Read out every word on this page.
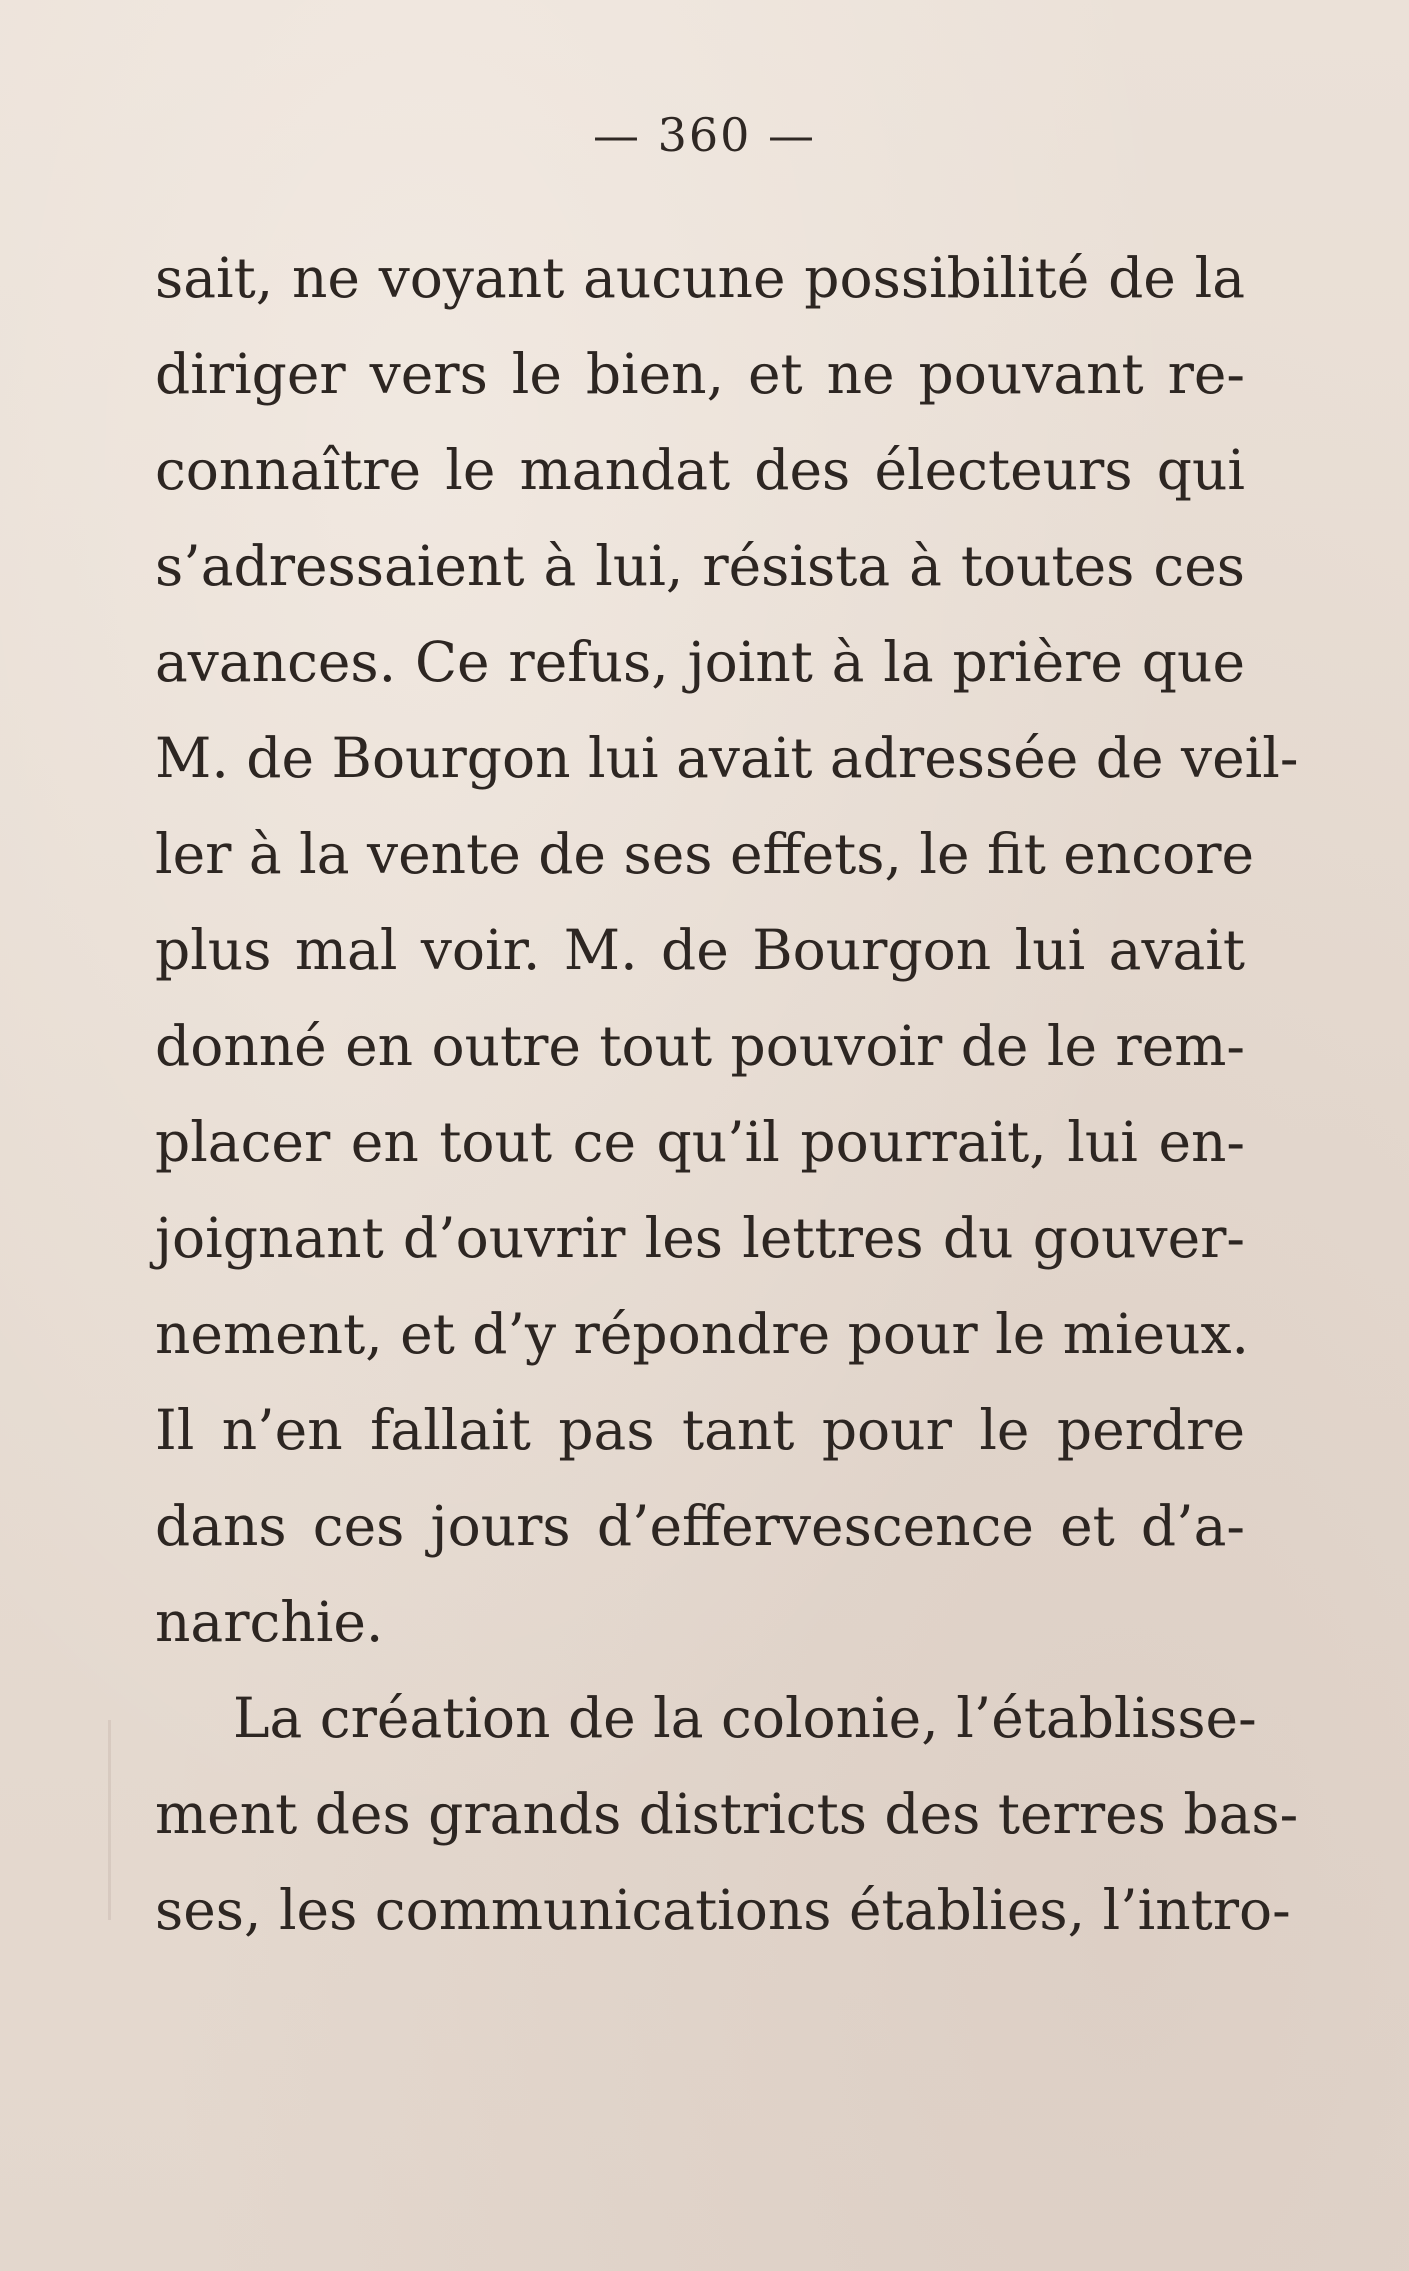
— 360 —
sait, ne voyant aucune possibilité de la
diriger vers le bien, et ne pouvant re-
connaître le mandat des électeurs qui
s’adressaient à lui, résista à toutes ces
avances. Ce refus, joint à la prière que
M. de Bourgon lui avait adressée de veil-
ler à la vente de ses effets, le fit encore
plus mal voir. M. de Bourgon lui avait
donné en outre tout pouvoir de le rem-
placer en tout ce qu’il pourrait, lui en-
joignant d’ouvrir les lettres du gouver-
nement, et d’y répondre pour le mieux.
Il n’en fallait pas tant pour le perdre
dans ces jours d’effervescence et d’a-
narchie.
La création de la colonie, l’établisse-
ment des grands districts des terres bas-
ses, les communications établies, l’intro-
